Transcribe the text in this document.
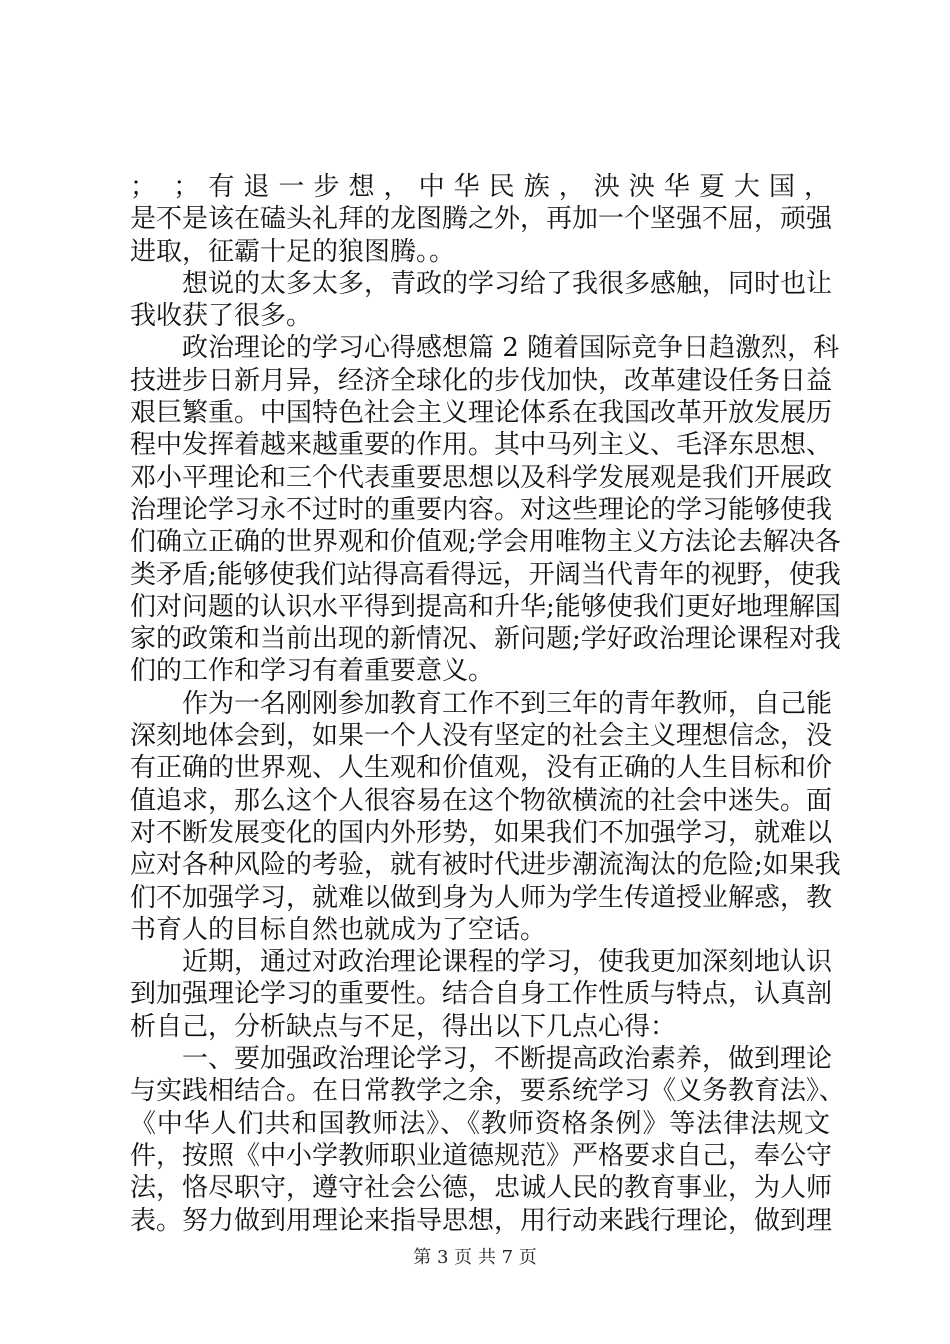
； ；有退一步想，中华民族，泱泱华夏大国，
是不是该在磕头礼拜的龙图腾之外，再加一个坚强不屈，顽强
进取，征霸十足的狼图腾。。
想说的太多太多，青政的学习给了我很多感触，同时也让
我收获了很多。
政治理论的学习心得感想篇 2 随着国际竞争日趋激烈，科
技进步日新月异，经济全球化的步伐加快，改革建设任务日益
艰巨繁重。中国特色社会主义理论体系在我国改革开放发展历
程中发挥着越来越重要的作用。其中马列主义、毛泽东思想、
邓小平理论和三个代表重要思想以及科学发展观是我们开展政
治理论学习永不过时的重要内容。对这些理论的学习能够使我
们确立正确的世界观和价值观;学会用唯物主义方法论去解决各
类矛盾;能够使我们站得高看得远，开阔当代青年的视野，使我
们对问题的认识水平得到提高和升华;能够使我们更好地理解国
家的政策和当前出现的新情况、新问题;学好政治理论课程对我
们的工作和学习有着重要意义。
作为一名刚刚参加教育工作不到三年的青年教师，自己能
深刻地体会到，如果一个人没有坚定的社会主义理想信念，没
有正确的世界观、人生观和价值观，没有正确的人生目标和价
值追求，那么这个人很容易在这个物欲横流的社会中迷失。面
对不断发展变化的国内外形势，如果我们不加强学习，就难以
应对各种风险的考验，就有被时代进步潮流淘汰的危险;如果我
们不加强学习，就难以做到身为人师为学生传道授业解惑，教
书育人的目标自然也就成为了空话。
近期，通过对政治理论课程的学习，使我更加深刻地认识
到加强理论学习的重要性。结合自身工作性质与特点，认真剖
析自己，分析缺点与不足，得出以下几点心得：
一、要加强政治理论学习，不断提高政治素养，做到理论
与实践相结合。在日常教学之余，要系统学习《义务教育法》、
《中华人们共和国教师法》、《教师资格条例》等法律法规文
件，按照《中小学教师职业道德规范》严格要求自己，奉公守
法，恪尽职守，遵守社会公德，忠诚人民的教育事业，为人师
表。努力做到用理论来指导思想，用行动来践行理论，做到理
第 3 页 共 7 页
